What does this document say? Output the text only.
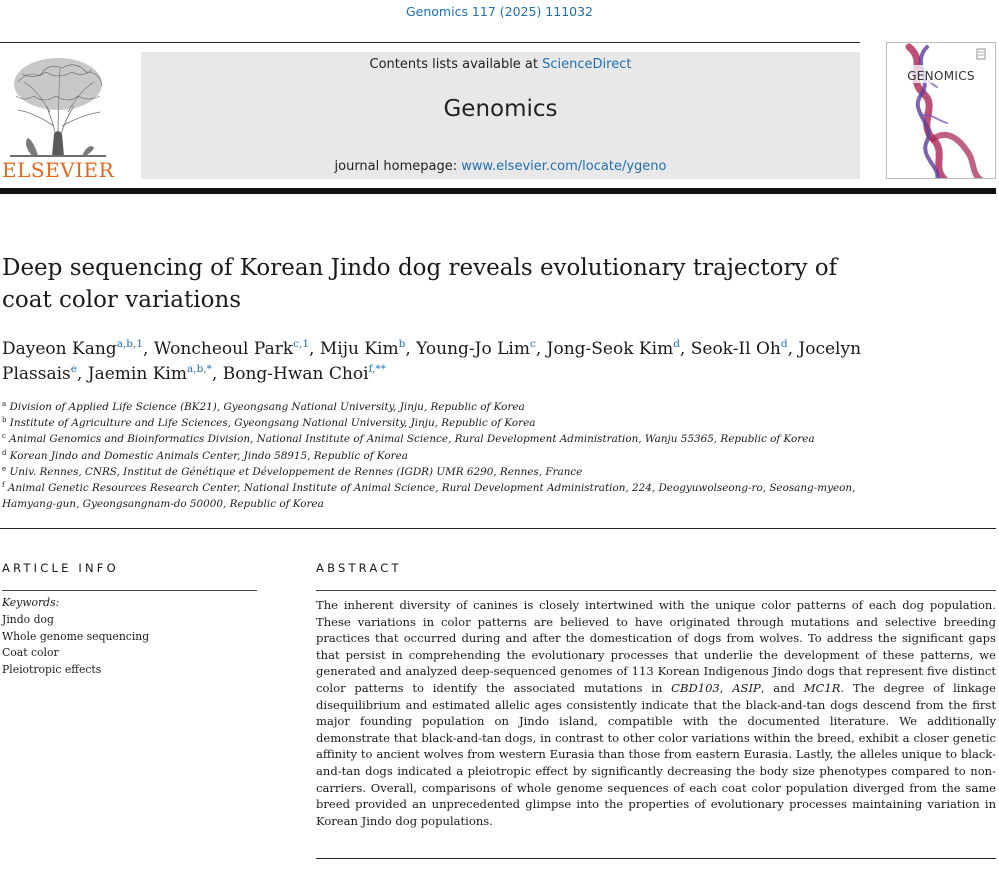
Genomics 117 (2025) 111032
ELSEVIER
Contents lists available at ScienceDirect
Genomics
journal homepage: www.elsevier.com/locate/ygeno
GENOMICS
Deep sequencing of Korean Jindo dog reveals evolutionary trajectory of coat color variations

Dayeon Kang$^{a,b,1}$, Woncheoul Park$^{c,1}$, Miju Kim$^b$, Young-Jo Lim$^c$, Jong-Seok Kim$^d$, Seok-Il Oh$^d$, Jocelyn Plassais$^e$, Jaemin Kim$^{a,b,*}$, Bong-Hwan Choi$^{f,**}$

$^a$ Division of Applied Life Science (BK21), Gyeongsang National University, Jinju, Republic of Korea
$^b$ Institute of Agriculture and Life Sciences, Gyeongsang National University, Jinju, Republic of Korea
$^c$ Animal Genomics and Bioinformatics Division, National Institute of Animal Science, Rural Development Administration, Wanju 55365, Republic of Korea
$^d$ Korean Jindo and Domestic Animals Center, Jindo 58915, Republic of Korea
$^e$ Univ. Rennes, CNRS, Institut de Génétique et Développement de Rennes (IGDR) UMR 6290, Rennes, France
$^f$ Animal Genetic Resources Research Center, National Institute of Animal Science, Rural Development Administration, 224, Deogyuwolseong-ro, Seosang-myeon, Hamyang-gun, Gyeongsangnam-do 50000, Republic of Korea
ARTICLE INFO	ABSTRACT
Keywords:
Jindo dog
Whole genome sequencing
Coat color
Pleiotropic effects

The inherent diversity of canines is closely intertwined with the unique color patterns of each dog population. These variations in color patterns are believed to have originated through mutations and selective breeding practices that occurred during and after the domestication of dogs from wolves. To address the significant gaps that persist in comprehending the evolutionary processes that underlie the development of these patterns, we generated and analyzed deep-sequenced genomes of 113 Korean Indigenous Jindo dogs that represent five distinct color patterns to identify the associated mutations in CBD103, ASIP, and MC1R. The degree of linkage disequilibrium and estimated allelic ages consistently indicate that the black-and-tan dogs descend from the first major founding population on Jindo island, compatible with the documented literature. We additionally demonstrate that black-and-tan dogs, in contrast to other color variations within the breed, exhibit a closer genetic affinity to ancient wolves from western Eurasia than those from eastern Eurasia. Lastly, the alleles unique to black-and-tan dogs indicated a pleiotropic effect by significantly decreasing the body size phenotypes compared to non-carriers. Overall, comparisons of whole genome sequences of each coat color population diverged from the same breed provided an unprecedented glimpse into the properties of evolutionary processes maintaining variation in Korean Jindo dog populations.
